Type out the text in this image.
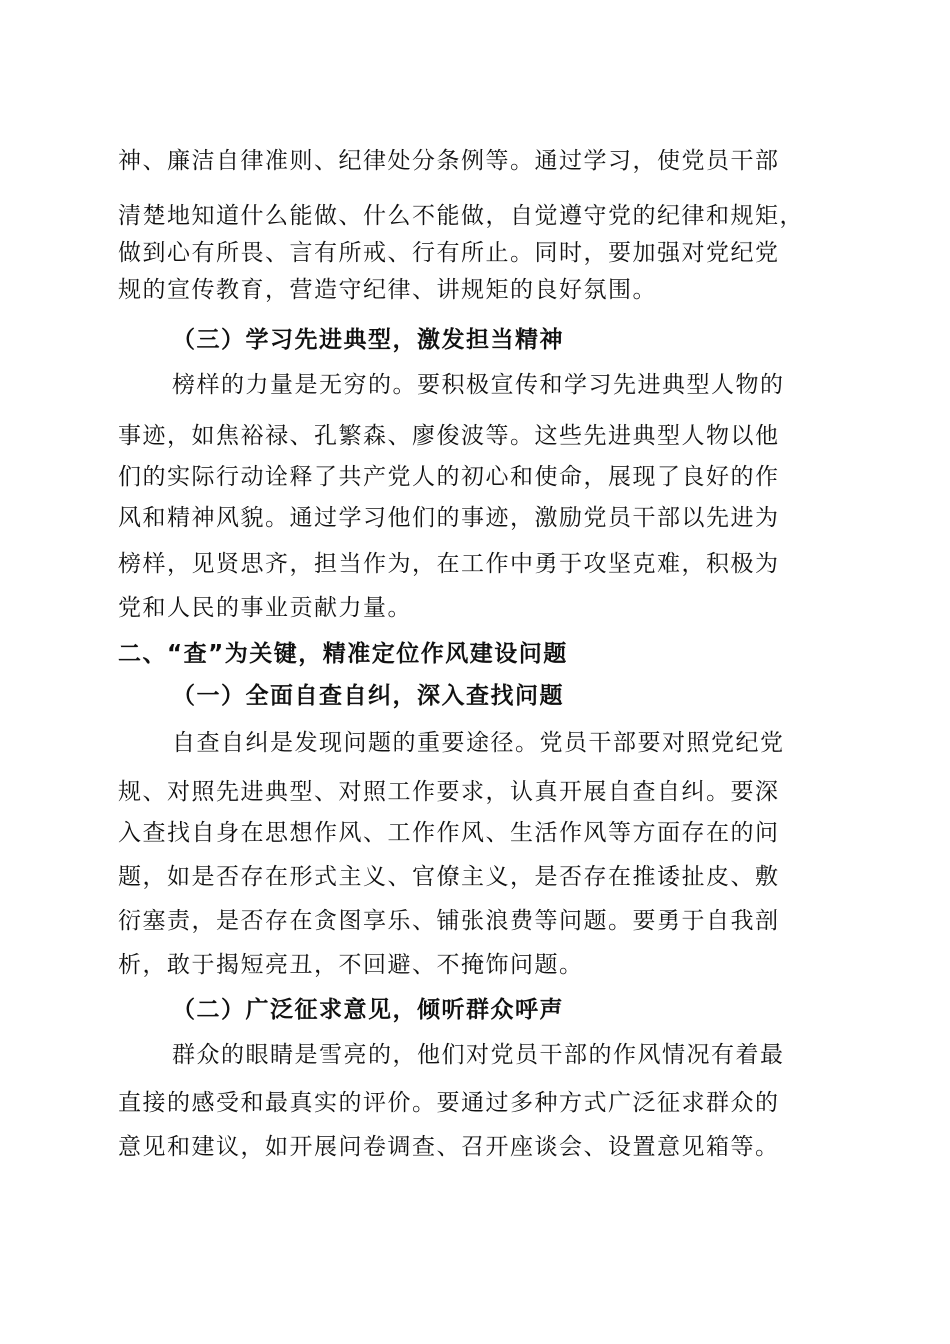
神、廉洁自律准则、纪律处分条例等。通过学习，使党员干部
清楚地知道什么能做、什么不能做，自觉遵守党的纪律和规矩，
做到心有所畏、言有所戒、行有所止。同时，要加强对党纪党
规的宣传教育，营造守纪律、讲规矩的良好氛围。
（三）学习先进典型，激发担当精神
榜样的力量是无穷的。要积极宣传和学习先进典型人物的
事迹，如焦裕禄、孔繁森、廖俊波等。这些先进典型人物以他
们的实际行动诠释了共产党人的初心和使命，展现了良好的作
风和精神风貌。通过学习他们的事迹，激励党员干部以先进为
榜样，见贤思齐，担当作为，在工作中勇于攻坚克难，积极为
党和人民的事业贡献力量。
二、“查”为关键，精准定位作风建设问题
（一）全面自查自纠，深入查找问题
自查自纠是发现问题的重要途径。党员干部要对照党纪党
规、对照先进典型、对照工作要求，认真开展自查自纠。要深
入查找自身在思想作风、工作作风、生活作风等方面存在的问
题，如是否存在形式主义、官僚主义，是否存在推诿扯皮、敷
衍塞责，是否存在贪图享乐、铺张浪费等问题。要勇于自我剖
析，敢于揭短亮丑，不回避、不掩饰问题。
（二）广泛征求意见，倾听群众呼声
群众的眼睛是雪亮的，他们对党员干部的作风情况有着最
直接的感受和最真实的评价。要通过多种方式广泛征求群众的
意见和建议，如开展问卷调查、召开座谈会、设置意见箱等。
